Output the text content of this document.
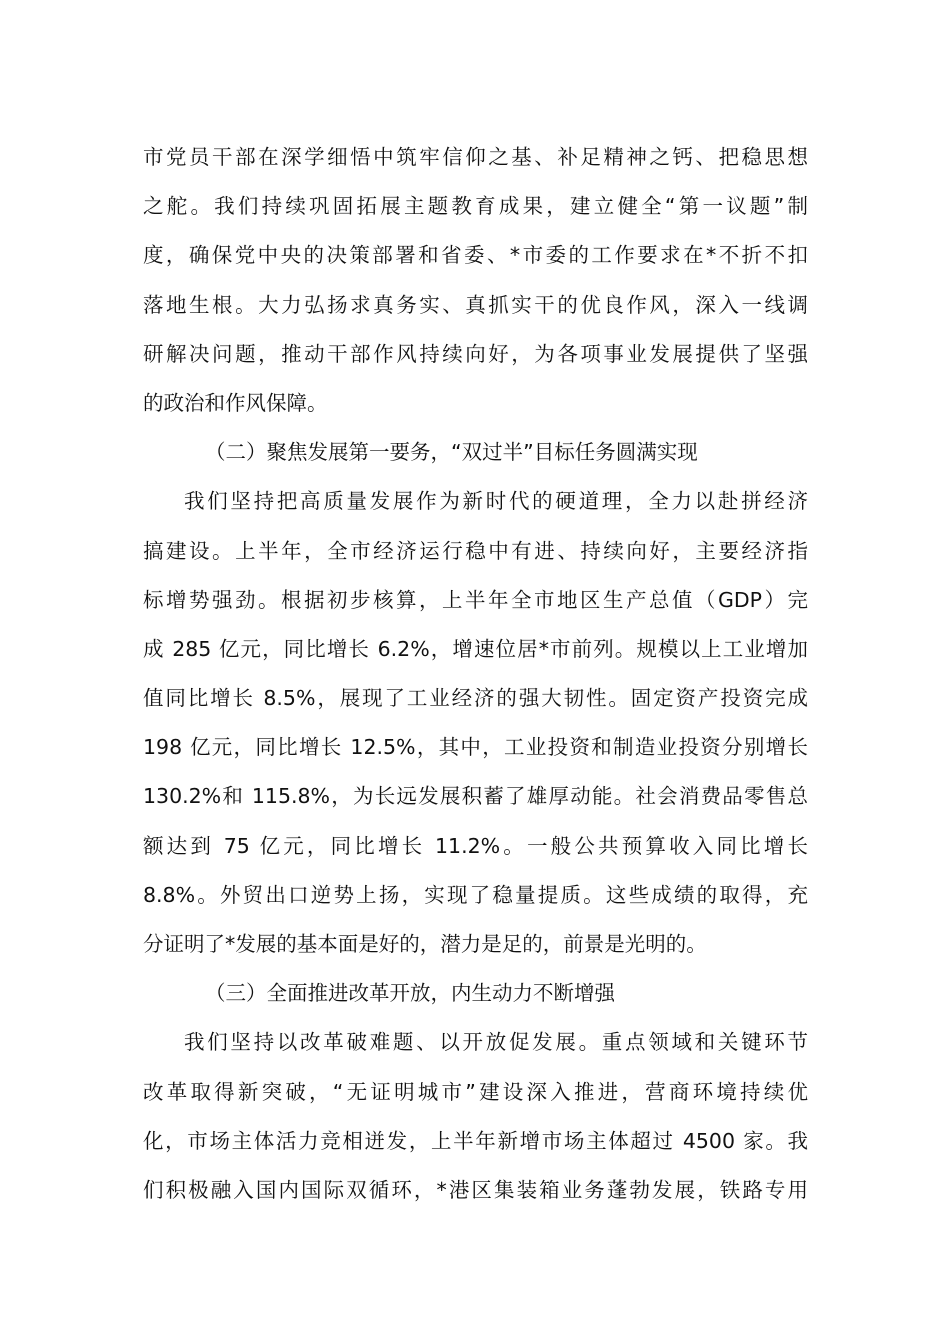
市党员干部在深学细悟中筑牢信仰之基、补足精神之钙、把稳思想
之舵。我们持续巩固拓展主题教育成果，建立健全“第一议题”制
度，确保党中央的决策部署和省委、*市委的工作要求在*不折不扣
落地生根。大力弘扬求真务实、真抓实干的优良作风，深入一线调
研解决问题，推动干部作风持续向好，为各项事业发展提供了坚强
的政治和作风保障。
（二）聚焦发展第一要务，“双过半”目标任务圆满实现
我们坚持把高质量发展作为新时代的硬道理，全力以赴拼经济
搞建设。上半年，全市经济运行稳中有进、持续向好，主要经济指
标增势强劲。根据初步核算，上半年全市地区生产总值（GDP）完
成 285 亿元，同比增长 6.2%，增速位居*市前列。规模以上工业增加
值同比增长 8.5%，展现了工业经济的强大韧性。固定资产投资完成
198 亿元，同比增长 12.5%，其中，工业投资和制造业投资分别增长
130.2%和 115.8%，为长远发展积蓄了雄厚动能。社会消费品零售总
额达到 75 亿元，同比增长 11.2%。一般公共预算收入同比增长
8.8%。外贸出口逆势上扬，实现了稳量提质。这些成绩的取得，充
分证明了*发展的基本面是好的，潜力是足的，前景是光明的。
（三）全面推进改革开放，内生动力不断增强
我们坚持以改革破难题、以开放促发展。重点领域和关键环节
改革取得新突破，“无证明城市”建设深入推进，营商环境持续优
化，市场主体活力竞相迸发，上半年新增市场主体超过 4500 家。我
们积极融入国内国际双循环，*港区集装箱业务蓬勃发展，铁路专用
